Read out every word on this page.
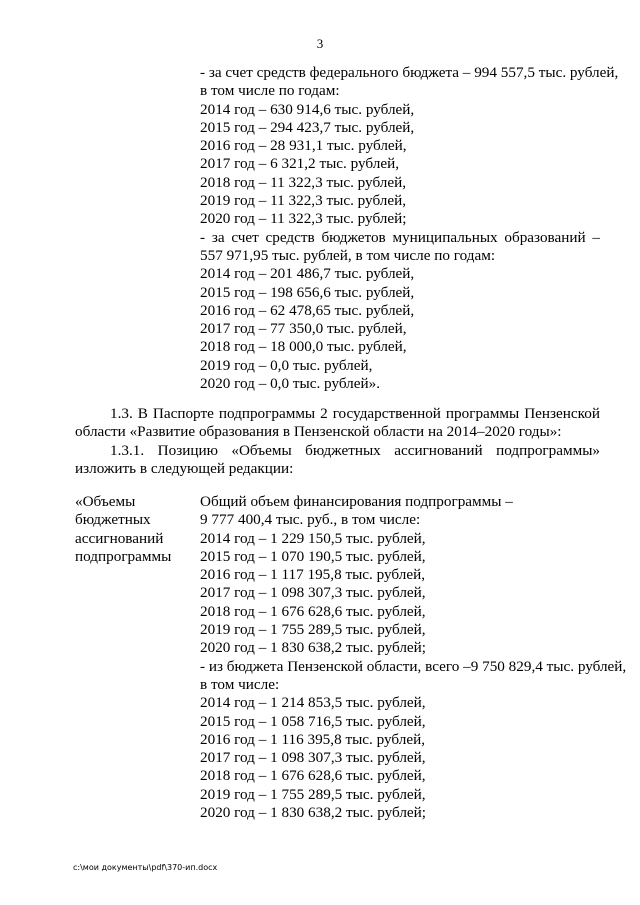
3
- за счет средств федерального бюджета – 994 557,5 тыс. рублей,
в том числе по годам:
2014 год – 630 914,6 тыс. рублей,
2015 год – 294 423,7 тыс. рублей,
2016 год – 28 931,1 тыс. рублей,
2017 год – 6 321,2 тыс. рублей,
2018 год – 11 322,3 тыс. рублей,
2019 год – 11 322,3 тыс. рублей,
2020 год – 11 322,3 тыс. рублей;
- за счет средств бюджетов муниципальных образований –
557 971,95 тыс. рублей, в том числе по годам:
2014 год – 201 486,7 тыс. рублей,
2015 год – 198 656,6 тыс. рублей,
2016 год – 62 478,65 тыс. рублей,
2017 год – 77 350,0 тыс. рублей,
2018 год – 18 000,0 тыс. рублей,
2019 год – 0,0 тыс. рублей,
2020 год – 0,0 тыс. рублей».
1.3. В Паспорте подпрограммы 2 государственной программы Пензенской
области «Развитие образования в Пензенской области на 2014–2020 годы»:
1.3.1. Позицию «Объемы бюджетных ассигнований подпрограммы»
изложить в следующей редакции:
«Объемы
бюджетных
ассигнований
подпрограммы
Общий объем финансирования подпрограммы –
9 777 400,4 тыс. руб., в том числе:
2014 год – 1 229 150,5 тыс. рублей,
2015 год – 1 070 190,5 тыс. рублей,
2016 год – 1 117 195,8 тыс. рублей,
2017 год – 1 098 307,3 тыс. рублей,
2018 год – 1 676 628,6 тыс. рублей,
2019 год – 1 755 289,5 тыс. рублей,
2020 год – 1 830 638,2 тыс. рублей;
- из бюджета Пензенской области, всего –9 750 829,4 тыс. рублей,
в том числе:
2014 год – 1 214 853,5 тыс. рублей,
2015 год – 1 058 716,5 тыс. рублей,
2016 год – 1 116 395,8 тыс. рублей,
2017 год – 1 098 307,3 тыс. рублей,
2018 год – 1 676 628,6 тыс. рублей,
2019 год – 1 755 289,5 тыс. рублей,
2020 год – 1 830 638,2 тыс. рублей;
c:\мои документы\pdf\370-ип.docx
